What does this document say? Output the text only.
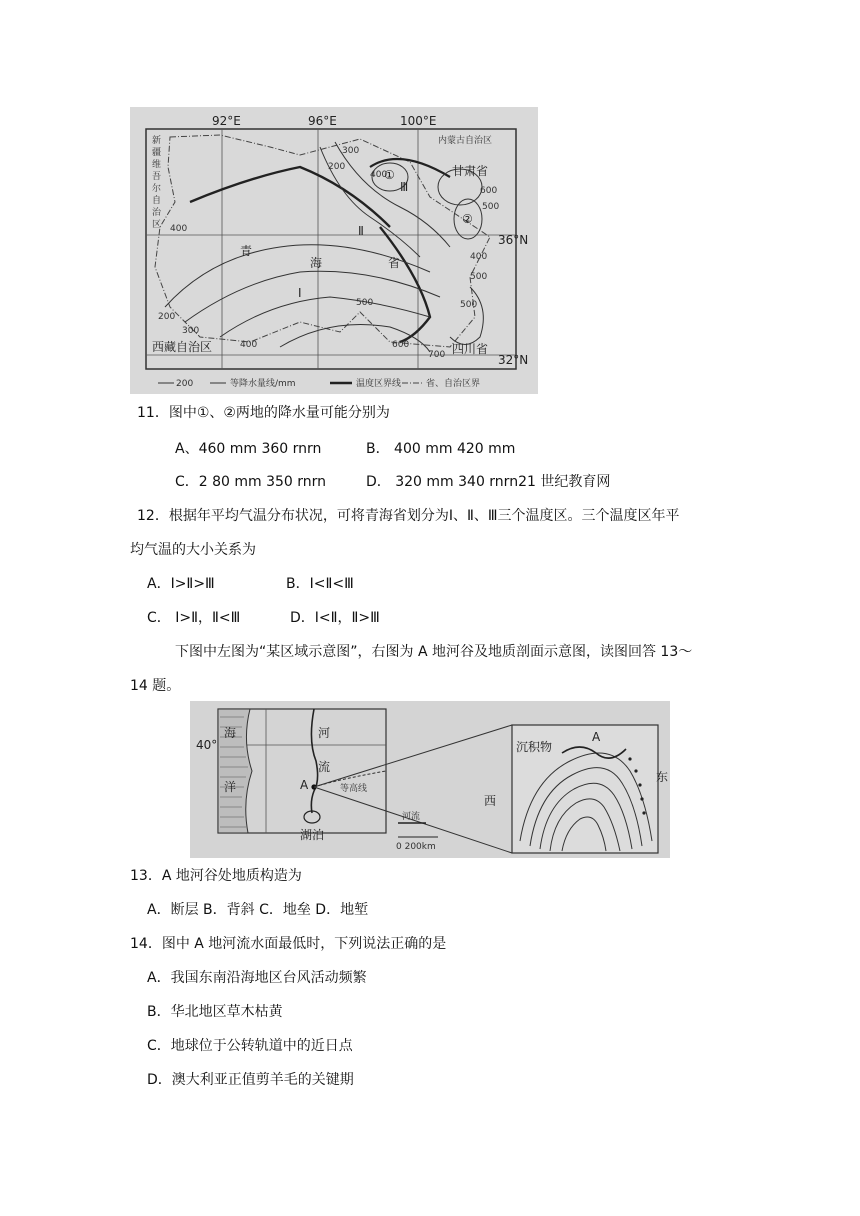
92°E	96°E	100°E
36°N
32°N
新
疆
维
吾
尔
自
治
区
内蒙古自治区
甘肃省
青
海	省
西藏自治区	四川省
Ⅰ
Ⅱ
Ⅲ
①
②
200
300
400
400
500
600
200
300
400
400
500
500
600
700
500
200	等降水量线/mm	温度区界线	省、自治区界
11．图中①、②两地的降水量可能分别为
A、460 mm 360 rnrn	B． 400 mm 420 mm
C．2 80 mm 350 rnrn	D． 320 mm 340 rnrn21 世纪教育网
12．根据年平均气温分布状况，可将青海省划分为Ⅰ、Ⅱ、Ⅲ三个温度区。三个温度区年平
均气温的大小关系为
A．Ⅰ>Ⅱ>Ⅲ	B．Ⅰ<Ⅱ<Ⅲ
C． Ⅰ>Ⅱ，Ⅱ<Ⅲ	D．Ⅰ<Ⅱ，Ⅱ>Ⅲ
下图中左图为“某区域示意图”，右图为 A 地河谷及地质剖面示意图，读图回答 13～
14 题。
40°
海
洋
河
流
A	等高线
湖泊
河流
0 200km
沉积物
西
东
A
13．A 地河谷处地质构造为
A．断层 B．背斜 C．地垒 D．地堑
14．图中 A 地河流水面最低时，下列说法正确的是
A．我国东南沿海地区台风活动频繁
B．华北地区草木枯黄
C．地球位于公转轨道中的近日点
D．澳大利亚正值剪羊毛的关键期
